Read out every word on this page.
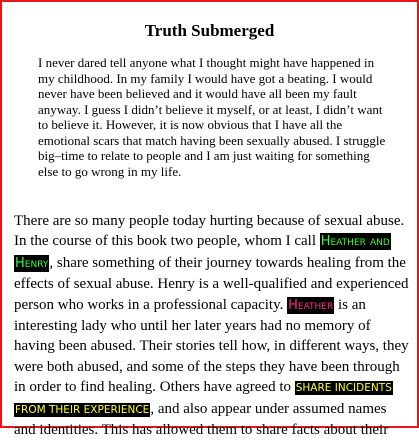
Truth Submerged

I never dared tell anyone what I thought might have happened in my childhood. In my family I would have got a beating. I would never have been believed and it would have all been my fault anyway. I guess I didn’t believe it myself, or at least, I didn’t want to believe it. However, it is now obvious that I have all the emotional scars that match having been sexually abused. I struggle big–time to relate to people and I am just waiting for something else to go wrong in my life.

There are so many people today hurting because of sexual abuse. In the course of this book two people, whom I call Heather and Henry, share something of their journey towards healing from the effects of sexual abuse. Henry is a well-qualified and experienced person who works in a professional capacity. Heather is an interesting lady who until her later years had no memory of having been abused. Their stories tell how, in different ways, they were both abused, and some of the steps they have been through in order to find healing. Others have agreed to SHARE INCIDENTS FROM THEIR EXPERIENCE, and also appear under assumed names and identities. This has allowed them to share facts about their
